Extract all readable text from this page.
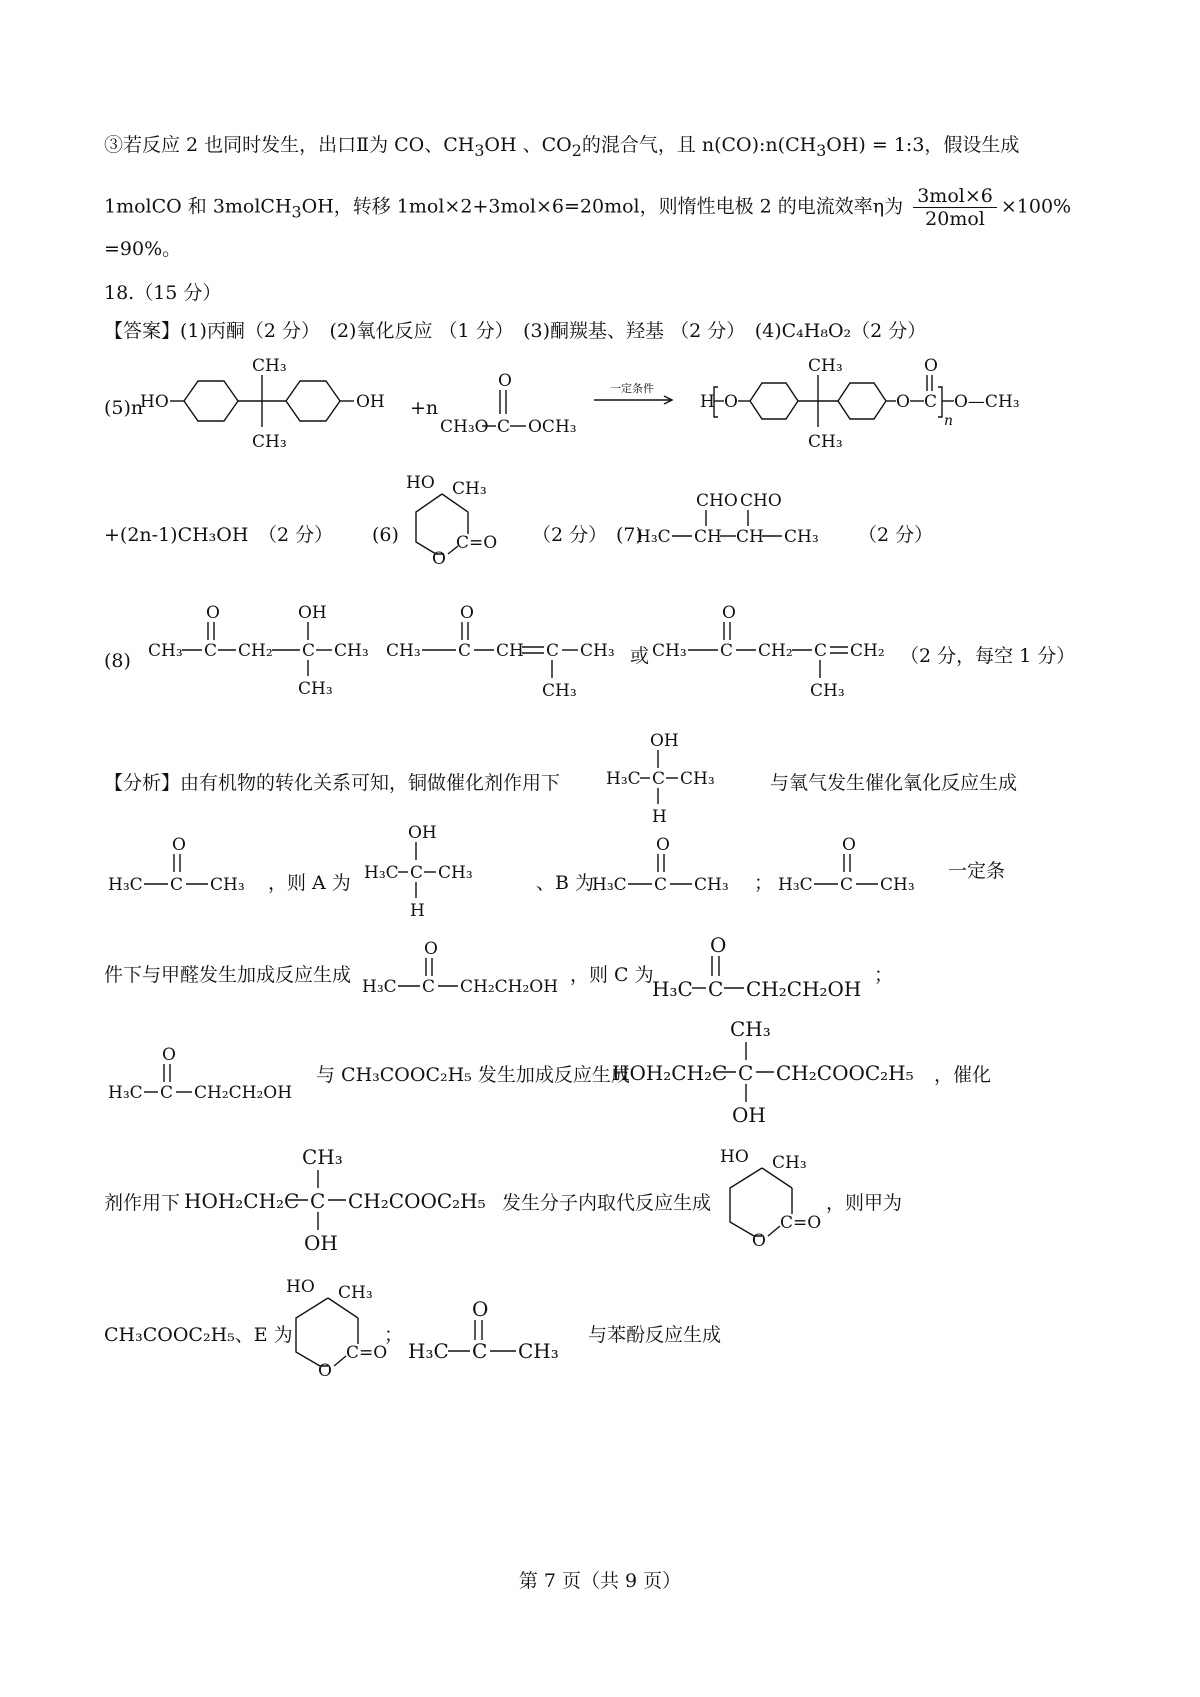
③若反应 2 也同时发生，出口Ⅱ为 CO、$CH_3OH$ 、$CO_2$的混合气，且 $n(CO):n(CH_3OH)$ = 1:3，假设生成
1molCO 和 3molCH$_3$OH，转移 1mol×2+3mol×6=20mol，则惰性电极 2 的电流效率η为 $\frac{\text{3mol×6}}{\text{20mol}} \times 100\%$
=90%。
18.（15 分）
【答案】(1)丙酮（2 分）　(2)氧化反应 （1 分）　(3)酮羰基、羟基 （2 分）　(4)C₄H₈O₂（2 分）
(5)n
HO
CH₃
CH₃
OH +n
O
CH₃O C OCH₃
一定条件
H O
CH₃
CH₃
O C
O
n
O—CH₃
+(2n-1)CH₃OH　（2 分） (6)
HO CH₃
O
C=O （2 分） (7)
CHO CHO
H₃C CH CH CH₃ （2 分）
(8)
O	OH
CH₃ C CH₂ C CH₃
CH₃
O
CH₃ C CH C CH₃
CH₃
或
O
CH₃ C CH₂ C CH₂
CH₃
（2 分，每空 1 分）
【分析】由有机物的转化关系可知，铜做催化剂作用下
OH
H₃C C CH₃
H
与氧气发生催化氧化反应生成
O
H₃C C CH₃ ，则 A 为
OH
H₃C C CH₃
H
、B 为
O
H₃C C CH₃ ；
O
H₃C C CH₃
一定条
件下与甲醛发生加成反应生成
O
H₃C C CH₂CH₂OH
，则 C 为
O
H₃C C CH₂CH₂OH
；
O
H₃C C CH₂CH₂OH
与 CH₃COOC₂H₅ 发生加成反应生成
CH₃
HOH₂CH₂C C CH₂COOC₂H₅
OH
，催化
剂作用下
CH₃
HOH₂CH₂C C CH₂COOC₂H₅
OH
发生分子内取代反应生成
HO CH₃
O
C=O
，则甲为
CH₃COOC₂H₅、E 为
HO CH₃
O
C=O
；
O
H₃C C CH₃
与苯酚反应生成
第 7 页（共 9 页）
